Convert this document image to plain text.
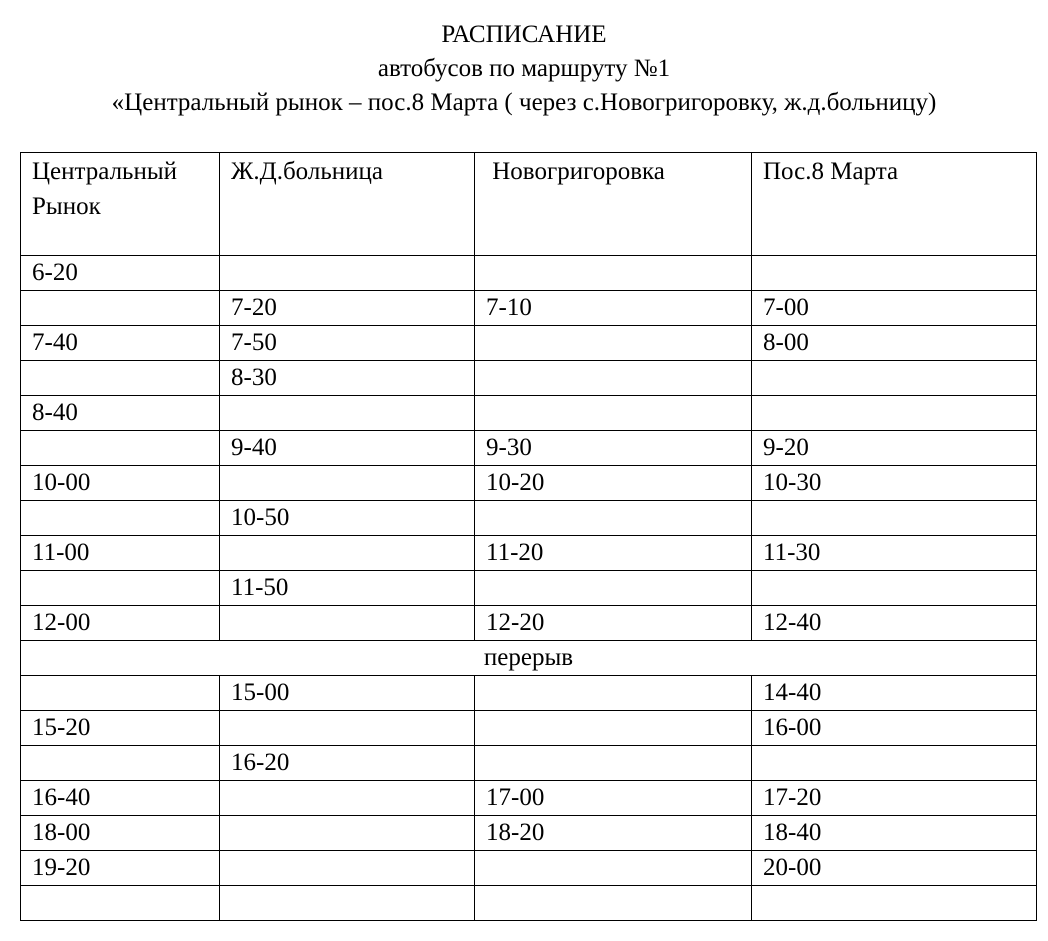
РАСПИСАНИЕ
автобусов по маршруту №1
«Центральный рынок – пос.8 Марта ( через с.Новогригоровку, ж.д.больницу)
Центральный Рынок	Ж.Д.больница	Новогригоровка	Пос.8 Марта
6-20			
	7-20	7-10	7-00
7-40	7-50		8-00
	8-30		
8-40			
	9-40	9-30	9-20
10-00		10-20	10-30
	10-50		
11-00		11-20	11-30
	11-50		
12-00		12-20	12-40
перерыв			
	15-00		14-40
15-20			16-00
	16-20		
16-40		17-00	17-20
18-00		18-20	18-40
19-20			20-00
